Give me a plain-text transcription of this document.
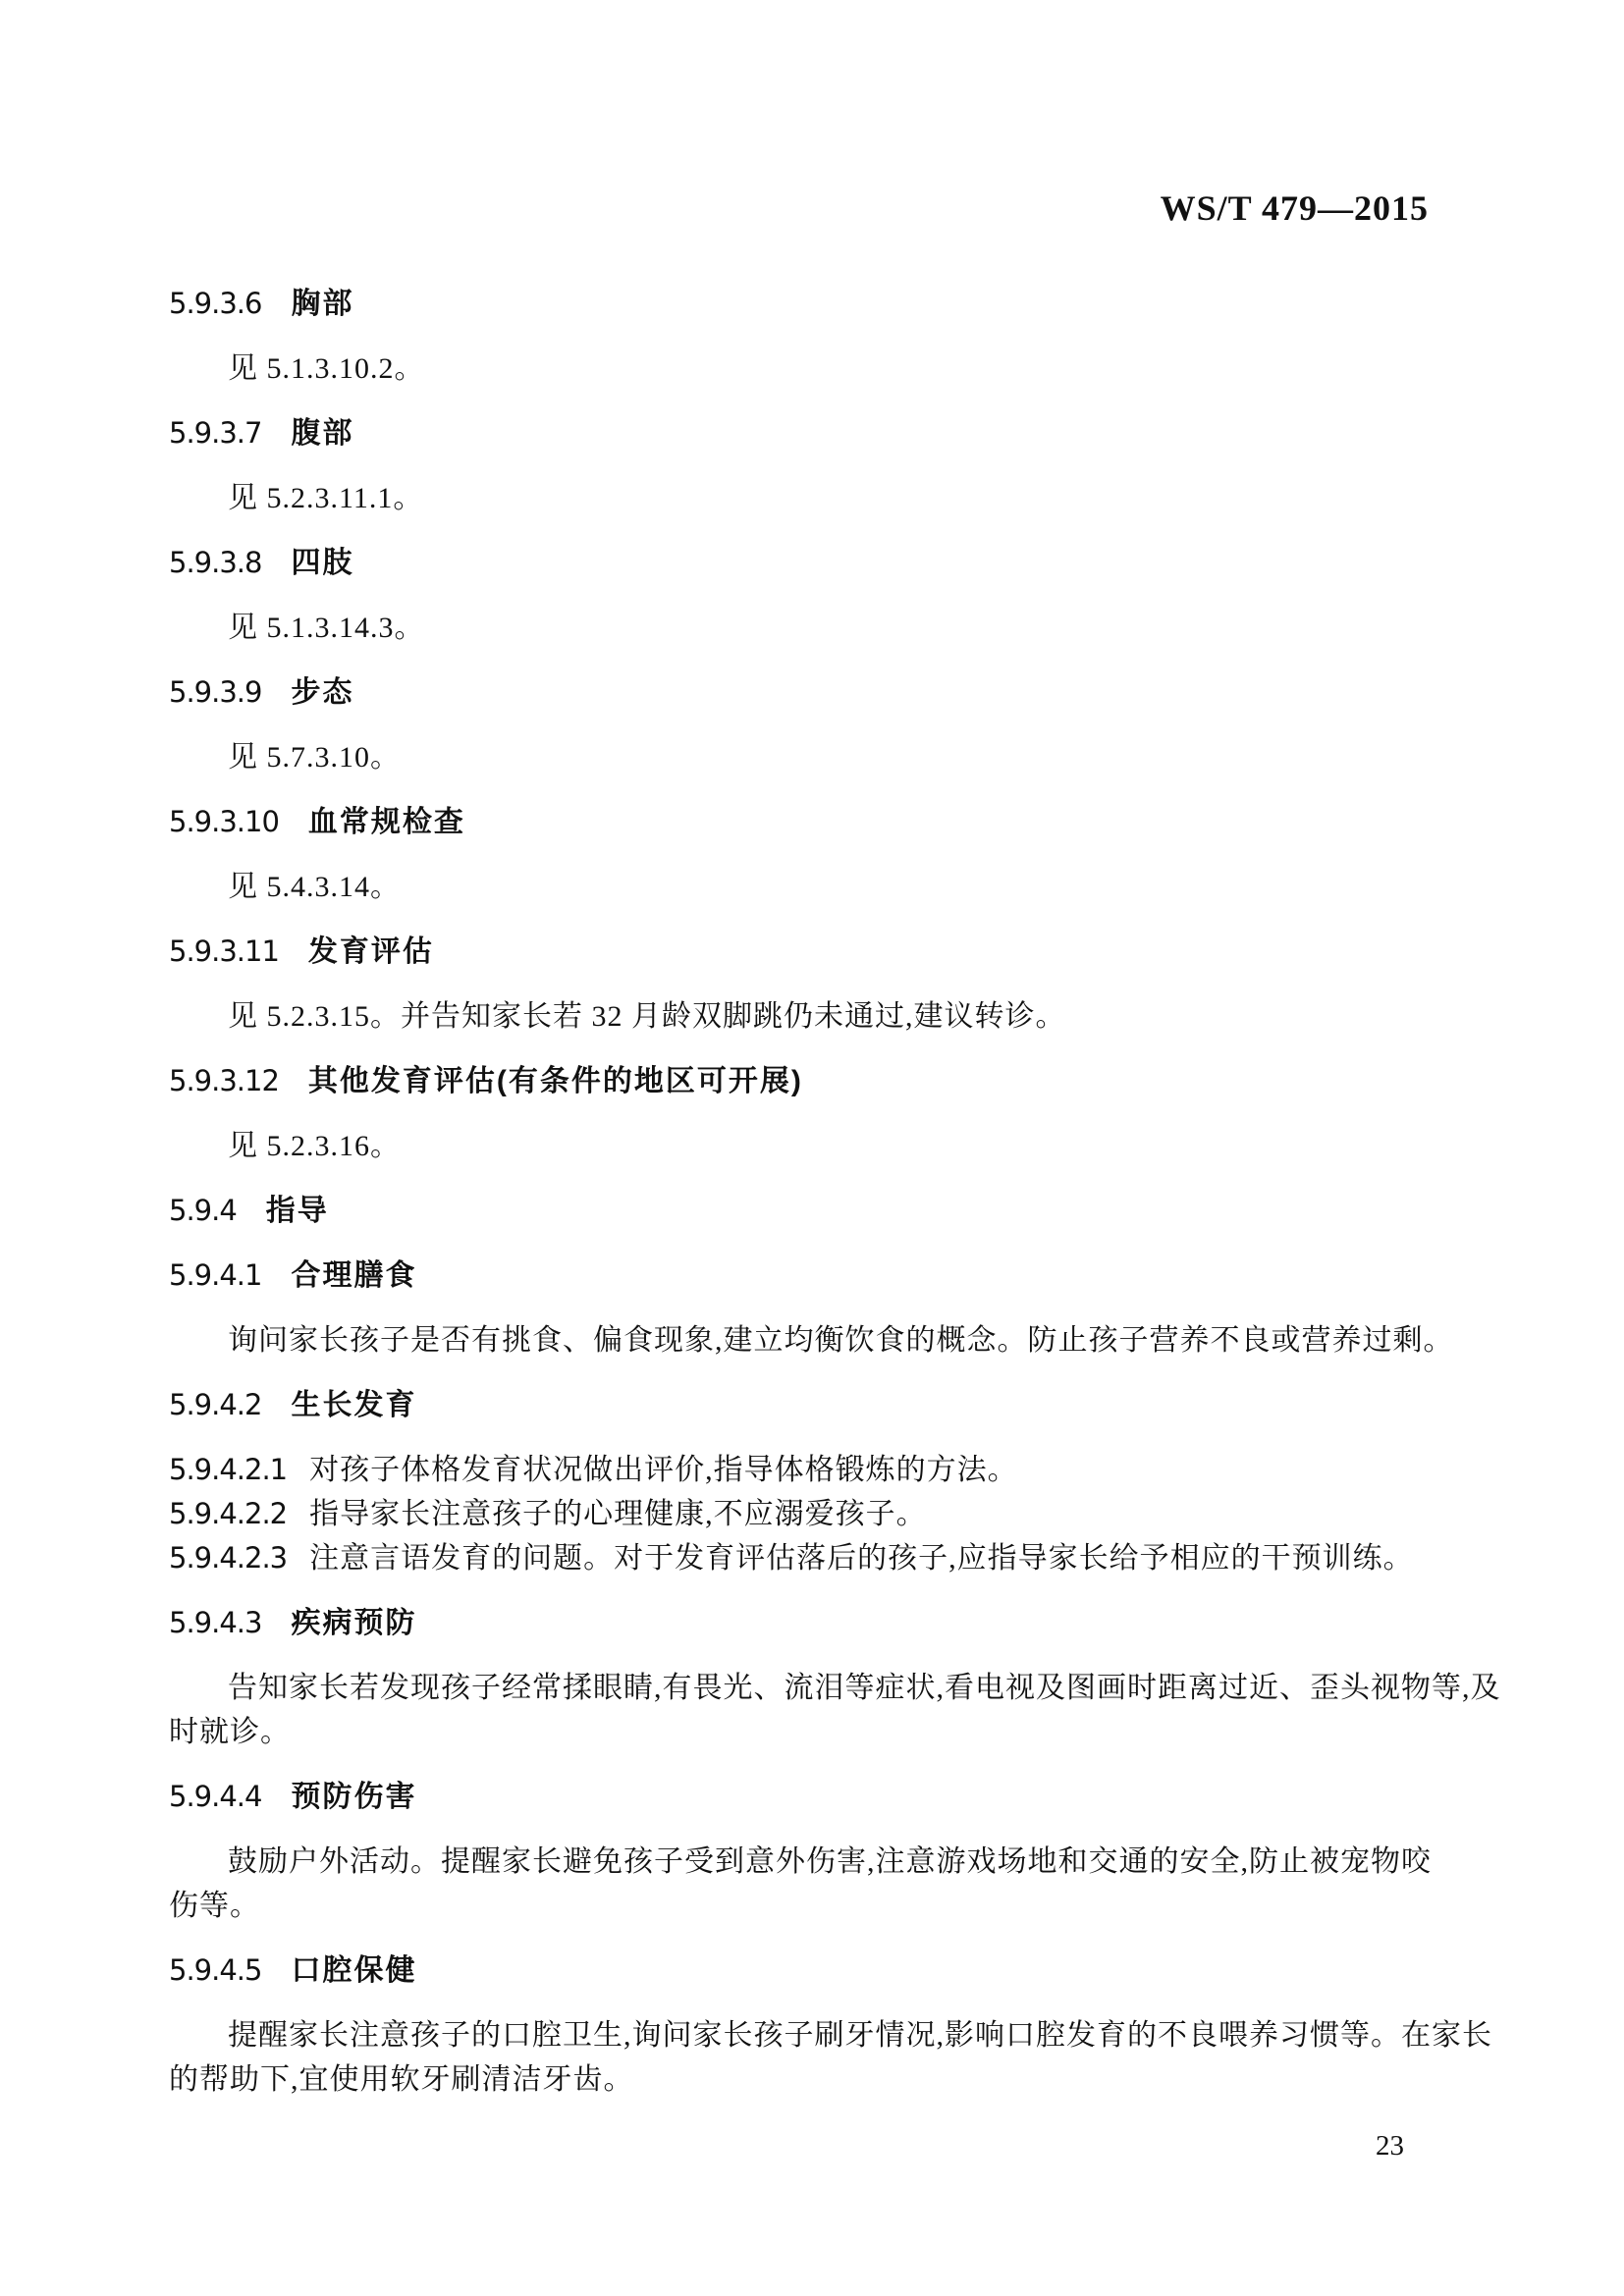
WS/T 479—2015
5.9.3.6 胸部
见 5.1.3.10.2。
5.9.3.7 腹部
见 5.2.3.11.1。
5.9.3.8 四肢
见 5.1.3.14.3。
5.9.3.9 步态
见 5.7.3.10。
5.9.3.10 血常规检查
见 5.4.3.14。
5.9.3.11 发育评估
见 5.2.3.15。并告知家长若 32 月龄双脚跳仍未通过,建议转诊。
5.9.3.12 其他发育评估(有条件的地区可开展)
见 5.2.3.16。
5.9.4 指导
5.9.4.1 合理膳食
询问家长孩子是否有挑食、偏食现象,建立均衡饮食的概念。防止孩子营养不良或营养过剩。
5.9.4.2 生长发育
5.9.4.2.1 对孩子体格发育状况做出评价,指导体格锻炼的方法。
5.9.4.2.2 指导家长注意孩子的心理健康,不应溺爱孩子。
5.9.4.2.3 注意言语发育的问题。对于发育评估落后的孩子,应指导家长给予相应的干预训练。
5.9.4.3 疾病预防
告知家长若发现孩子经常揉眼睛,有畏光、流泪等症状,看电视及图画时距离过近、歪头视物等,及
时就诊。
5.9.4.4 预防伤害
鼓励户外活动。提醒家长避免孩子受到意外伤害,注意游戏场地和交通的安全,防止被宠物咬
伤等。
5.9.4.5 口腔保健
提醒家长注意孩子的口腔卫生,询问家长孩子刷牙情况,影响口腔发育的不良喂养习惯等。在家长
的帮助下,宜使用软牙刷清洁牙齿。
23
